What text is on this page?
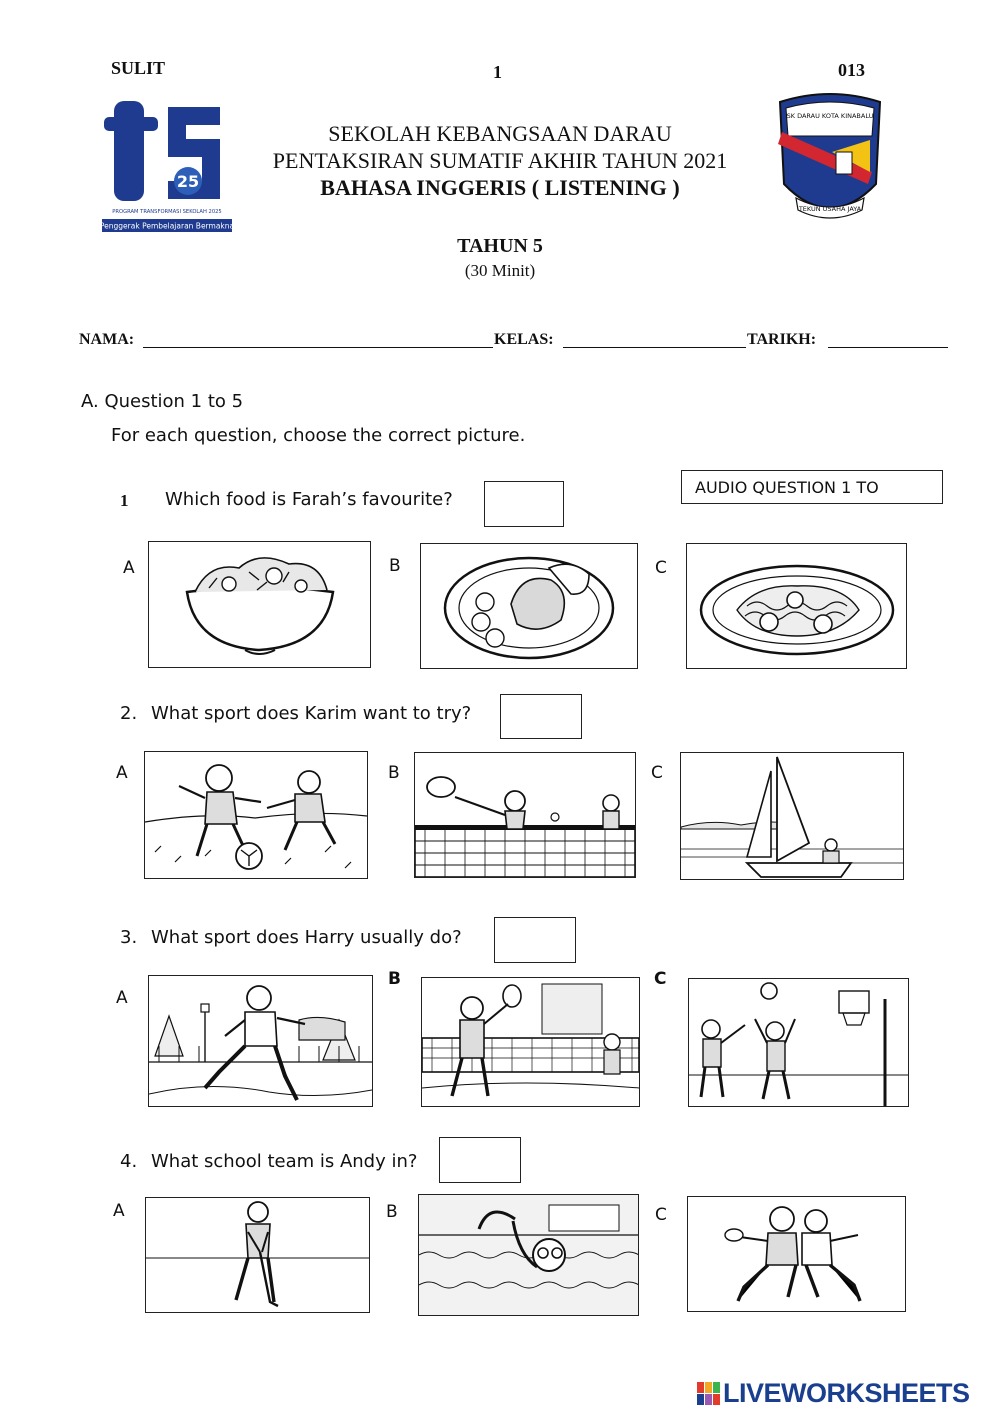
SULIT	1	013
25
PROGRAM TRANSFORMASI SEKOLAH 2025
Penggerak Pembelajaran Bermakna
SEKOLAH KEBANGSAAN DARAU
PENTAKSIRAN SUMATIF AKHIR TAHUN 2021
BAHASA INGGERIS ( LISTENING )
SK DARAU KOTA KINABALU
TEKUN USAHA JAYA
TAHUN 5
(30 Minit)
NAMA:	KELAS:	TARIKH:
A. Question 1 to 5
For each question, choose the correct picture.
AUDIO QUESTION 1 TO
1 Which food is Farah’s favourite?
A	B	C
2. What sport does Karim want to try?
A	B	C
3. What sport does Harry usually do?
A
B	C
4. What school team is Andy in?
A	B	C
LIVEWORKSHEETS
